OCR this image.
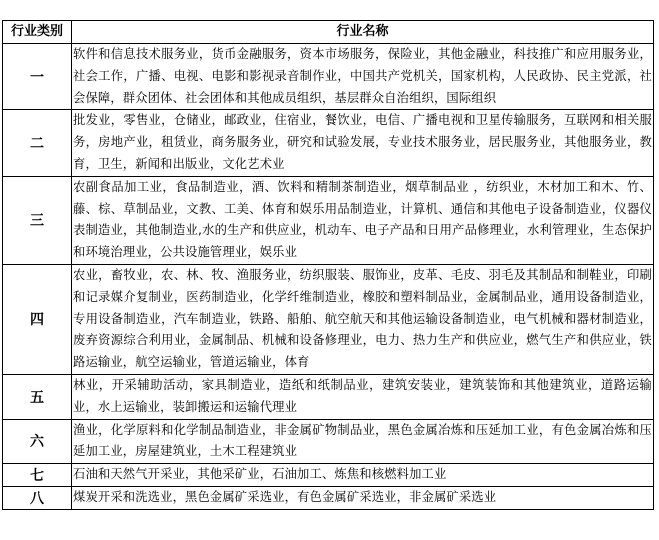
行业类别	行业名称
一	软件和信息技术服务业，货币金融服务，资本市场服务，保险业，其他金融业，科技推广和应用服务业，社会工作，广播、电视、电影和影视录音制作业，中国共产党机关，国家机构，人民政协、民主党派，社会保障，群众团体、社会团体和其他成员组织，基层群众自治组织，国际组织
二	批发业，零售业，仓储业，邮政业，住宿业，餐饮业，电信、广播电视和卫星传输服务，互联网和相关服务，房地产业，租赁业，商务服务业，研究和试验发展，专业技术服务业，居民服务业，其他服务业，教育，卫生，新闻和出版业，文化艺术业
三	农副食品加工业，食品制造业，酒、饮料和精制茶制造业，烟草制品业 ，纺织业，木材加工和木、竹、藤、棕、草制品业，文教、工美、体育和娱乐用品制造业，计算机、通信和其他电子设备制造业，仪器仪表制造业，其他制造业,水的生产和供应业，机动车、电子产品和日用产品修理业，水利管理业，生态保护和环境治理业，公共设施管理业，娱乐业
四	农业，畜牧业，农、林、牧、渔服务业，纺织服装、服饰业，皮革、毛皮、羽毛及其制品和制鞋业，印刷和记录媒介复制业，医药制造业，化学纤维制造业，橡胶和塑料制品业，金属制品业，通用设备制造业，专用设备制造业，汽车制造业，铁路、船舶、航空航天和其他运输设备制造业，电气机械和器材制造业，废弃资源综合利用业，金属制品、机械和设备修理业，电力、热力生产和供应业，燃气生产和供应业，铁路运输业，航空运输业，管道运输业，体育
五	林业，开采辅助活动，家具制造业，造纸和纸制品业，建筑安装业，建筑装饰和其他建筑业，道路运输业，水上运输业，装卸搬运和运输代理业
六	渔业，化学原料和化学制品制造业，非金属矿物制品业，黑色金属冶炼和压延加工业，有色金属冶炼和压延加工业，房屋建筑业，土木工程建筑业
七	石油和天然气开采业，其他采矿业，石油加工、炼焦和核燃料加工业
八	煤炭开采和洗选业，黑色金属矿采选业，有色金属矿采选业，非金属矿采选业
